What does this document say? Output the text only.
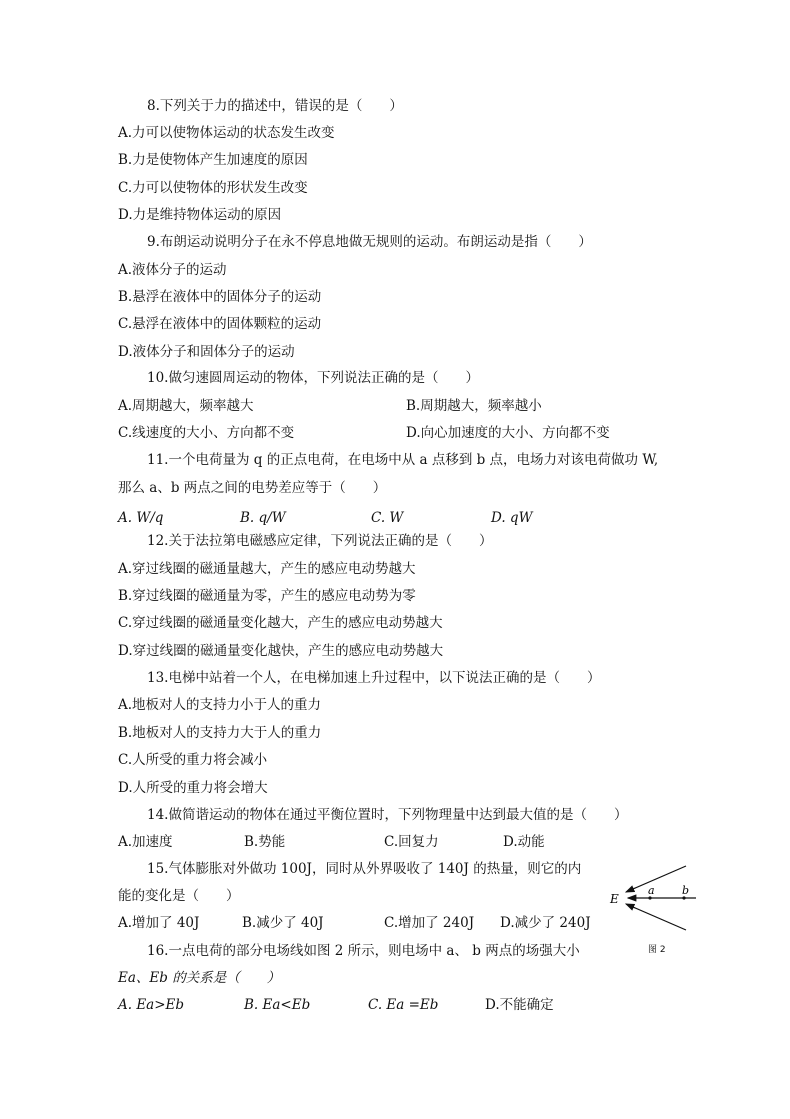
8.下列关于力的描述中，错误的是（　　）
A.力可以使物体运动的状态发生改变
B.力是使物体产生加速度的原因
C.力可以使物体的形状发生改变
D.力是维持物体运动的原因
9.布朗运动说明分子在永不停息地做无规则的运动。布朗运动是指（　　）
A.液体分子的运动
B.悬浮在液体中的固体分子的运动
C.悬浮在液体中的固体颗粒的运动
D.液体分子和固体分子的运动
10.做匀速圆周运动的物体，下列说法正确的是（　　）
A.周期越大，频率越大	B.周期越大，频率越小
C.线速度的大小、方向都不变	D.向心加速度的大小、方向都不变
11.一个电荷量为 q 的正点电荷，在电场中从 a 点移到 b 点，电场力对该电荷做功 W,
那么 a、b 两点之间的电势差应等于（　　）
A. W/q	B. q/W	C. W	D. qW
12.关于法拉第电磁感应定律，下列说法正确的是（　　）
A.穿过线圈的磁通量越大，产生的感应电动势越大
B.穿过线圈的磁通量为零，产生的感应电动势为零
C.穿过线圈的磁通量变化越大，产生的感应电动势越大
D.穿过线圈的磁通量变化越快，产生的感应电动势越大
13.电梯中站着一个人，在电梯加速上升过程中，以下说法正确的是（　　）
A.地板对人的支持力小于人的重力
B.地板对人的支持力大于人的重力
C.人所受的重力将会减小
D.人所受的重力将会增大
14.做简谐运动的物体在通过平衡位置时，下列物理量中达到最大值的是（　　）
A.加速度	B.势能	C.回复力	D.动能
15.气体膨胀对外做功 100J，同时从外界吸收了 140J 的热量，则它的内
能的变化是（　　）
A.增加了 40J	B.减少了 40J	C.增加了 240J D.减少了 240J
16.一点电荷的部分电场线如图 2 所示，则电场中 a、 b 两点的场强大小
Ea、Eb 的关系是（　　）
A. Ea>Eb	B. Ea<Eb	C. Ea =Eb	D.不能确定
E
a b
图 2
